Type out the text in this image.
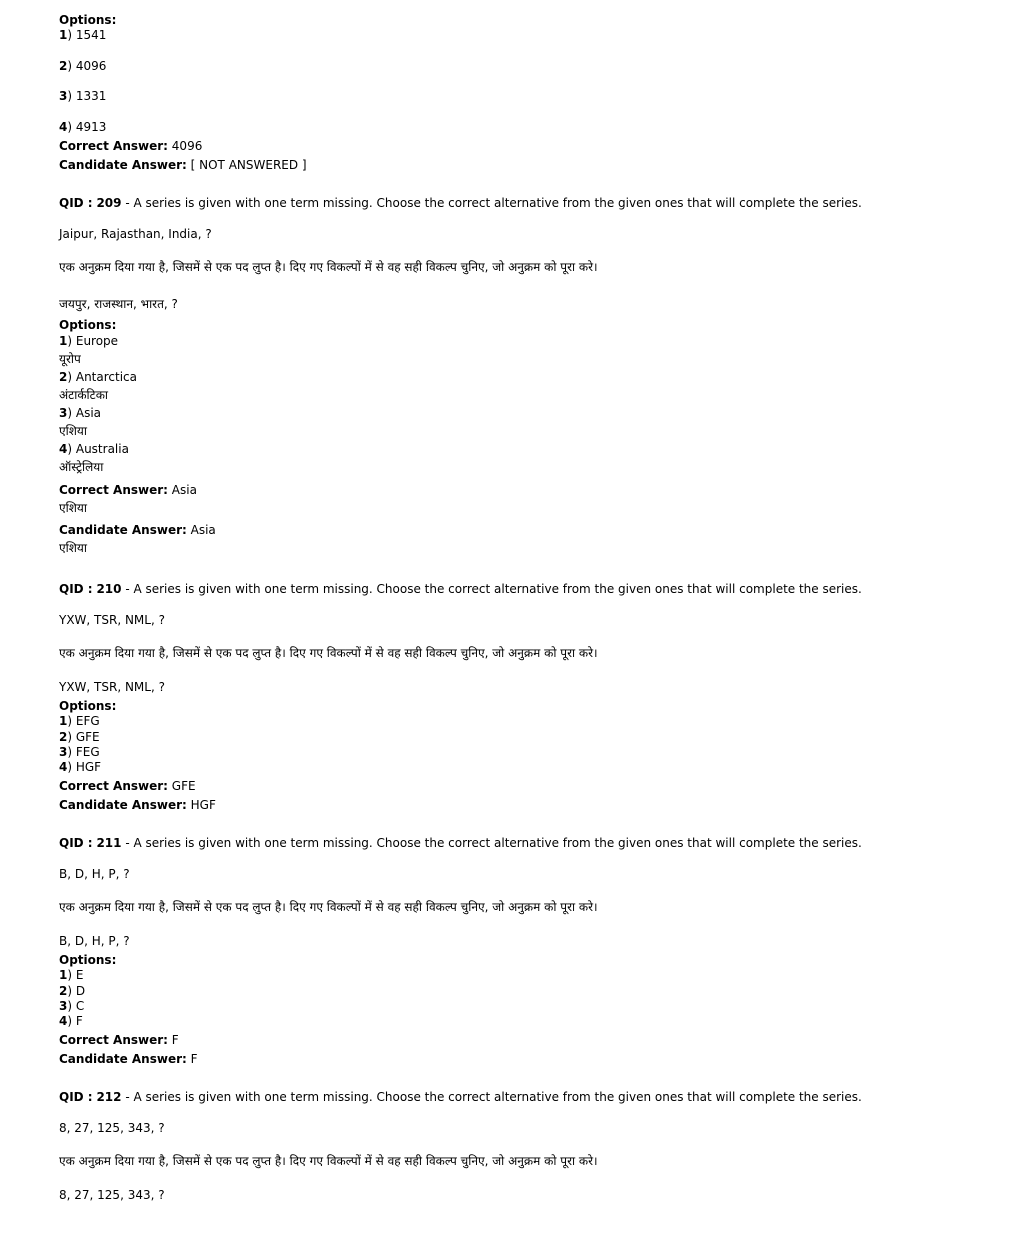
Options:
1) 1541
2) 4096
3) 1331
4) 4913
Correct Answer: 4096
Candidate Answer: [ NOT ANSWERED ]
QID : 209 - A series is given with one term missing. Choose the correct alternative from the given ones that will complete the series.
Jaipur, Rajasthan, India, ?
एक अनुक्रम दिया गया है, जिसमें से एक पद लुप्त है। दिए गए विकल्पों में से वह सही विकल्प चुनिए, जो अनुक्रम को पूरा करे।
जयपुर, राजस्थान, भारत, ?
Options:
1) Europe
यूरोप
2) Antarctica
अंटार्कटिका
3) Asia
एशिया
4) Australia
ऑस्ट्रेलिया
Correct Answer: Asia
एशिया
Candidate Answer: Asia
एशिया
QID : 210 - A series is given with one term missing. Choose the correct alternative from the given ones that will complete the series.
YXW, TSR, NML, ?
एक अनुक्रम दिया गया है, जिसमें से एक पद लुप्त है। दिए गए विकल्पों में से वह सही विकल्प चुनिए, जो अनुक्रम को पूरा करे।
YXW, TSR, NML, ?
Options:
1) EFG
2) GFE
3) FEG
4) HGF
Correct Answer: GFE
Candidate Answer: HGF
QID : 211 - A series is given with one term missing. Choose the correct alternative from the given ones that will complete the series.
B, D, H, P, ?
एक अनुक्रम दिया गया है, जिसमें से एक पद लुप्त है। दिए गए विकल्पों में से वह सही विकल्प चुनिए, जो अनुक्रम को पूरा करे।
B, D, H, P, ?
Options:
1) E
2) D
3) C
4) F
Correct Answer: F
Candidate Answer: F
QID : 212 - A series is given with one term missing. Choose the correct alternative from the given ones that will complete the series.
8, 27, 125, 343, ?
एक अनुक्रम दिया गया है, जिसमें से एक पद लुप्त है। दिए गए विकल्पों में से वह सही विकल्प चुनिए, जो अनुक्रम को पूरा करे।
8, 27, 125, 343, ?
